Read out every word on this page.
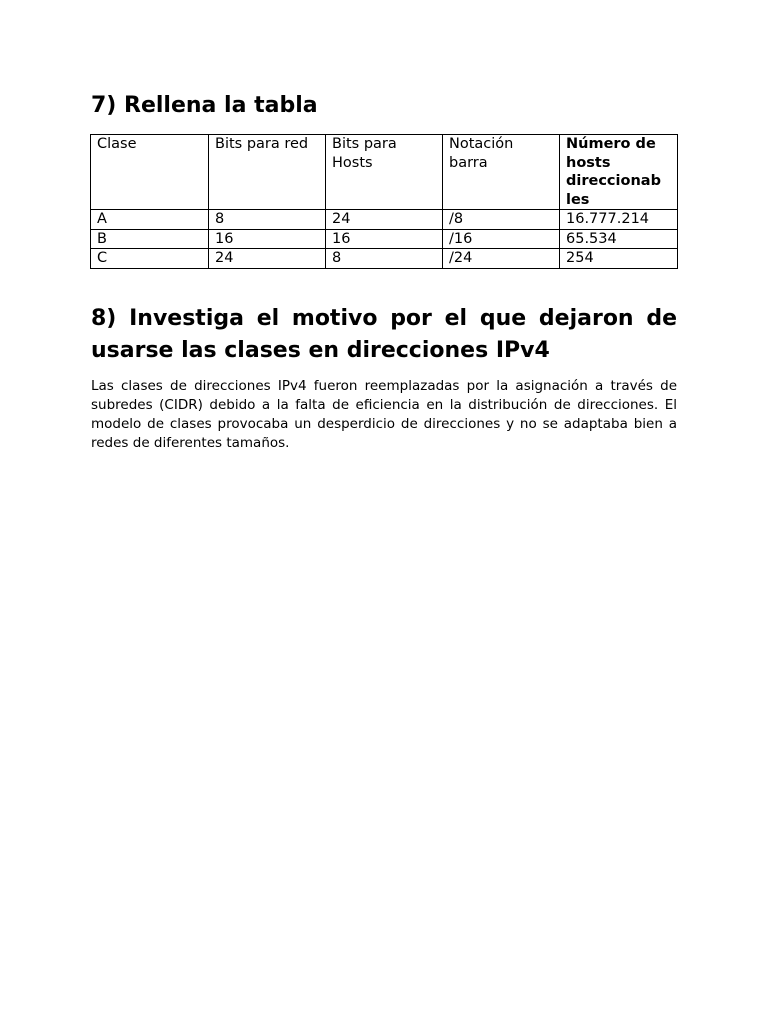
7) Rellena la tabla
Clase	Bits para red	Bits para Hosts	Notación barra	Número de hosts direccionab
les
A	8	24	/8	16.777.214
B	16	16	/16	65.534
C	24	8	/24	254
8) Investiga el motivo por el que dejaron de usarse las clases en direcciones IPv4

Las clases de direcciones IPv4 fueron reemplazadas por la asignación a través de subredes (CIDR) debido a la falta de eficiencia en la distribución de direcciones. El modelo de clases provocaba un desperdicio de direcciones y no se adaptaba bien a redes de diferentes tamaños.
